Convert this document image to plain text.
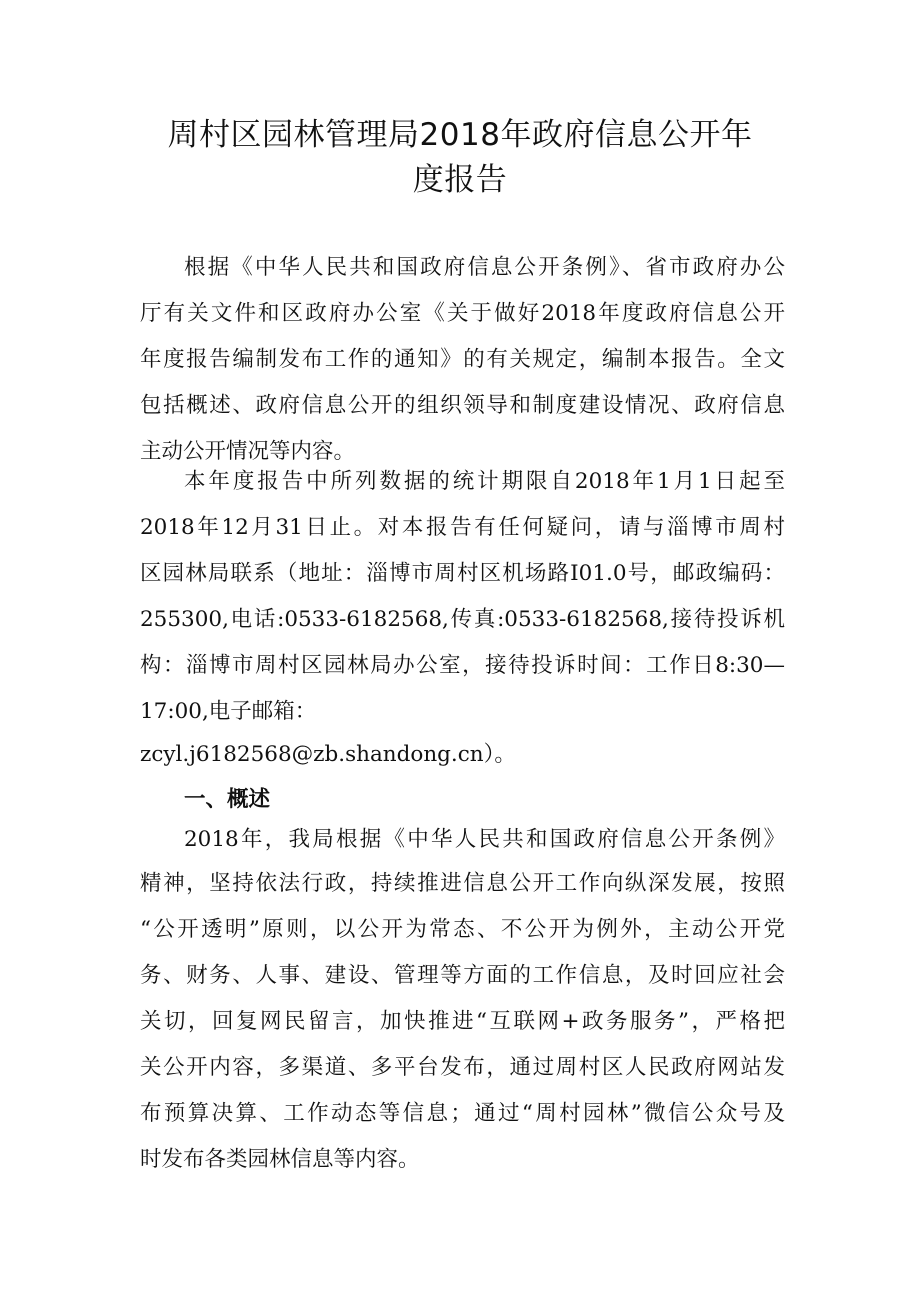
周村区园林管理局2018年政府信息公开年
度报告

根据《中华人民共和国政府信息公开条例》、省市政府办公

厅有关文件和区政府办公室《关于做好2018年度政府信息公开

年度报告编制发布工作的通知》的有关规定，编制本报告。全文

包括概述、政府信息公开的组织领导和制度建设情况、政府信息

主动公开情况等内容。

本年度报告中所列数据的统计期限自2018年1月1日起至

2018年12月31日止。对本报告有任何疑问，请与淄博市周村

区园林局联系（地址：淄博市周村区机场路I01.0号，邮政编码：

255300,电话:0533-6182568,传真:0533-6182568,接待投诉机

构：淄博市周村区园林局办公室，接待投诉时间：工作日8:30—

17:00,电子邮箱：

zcyl.j6182568@zb.shandong.cn）。

一、概述

2018年，我局根据《中华人民共和国政府信息公开条例》

精神，坚持依法行政，持续推进信息公开工作向纵深发展，按照

“公开透明”原则，以公开为常态、不公开为例外，主动公开党

务、财务、人事、建设、管理等方面的工作信息，及时回应社会

关切，回复网民留言，加快推进“互联网+政务服务”，严格把

关公开内容，多渠道、多平台发布，通过周村区人民政府网站发

布预算决算、工作动态等信息；通过“周村园林”微信公众号及

时发布各类园林信息等内容。
